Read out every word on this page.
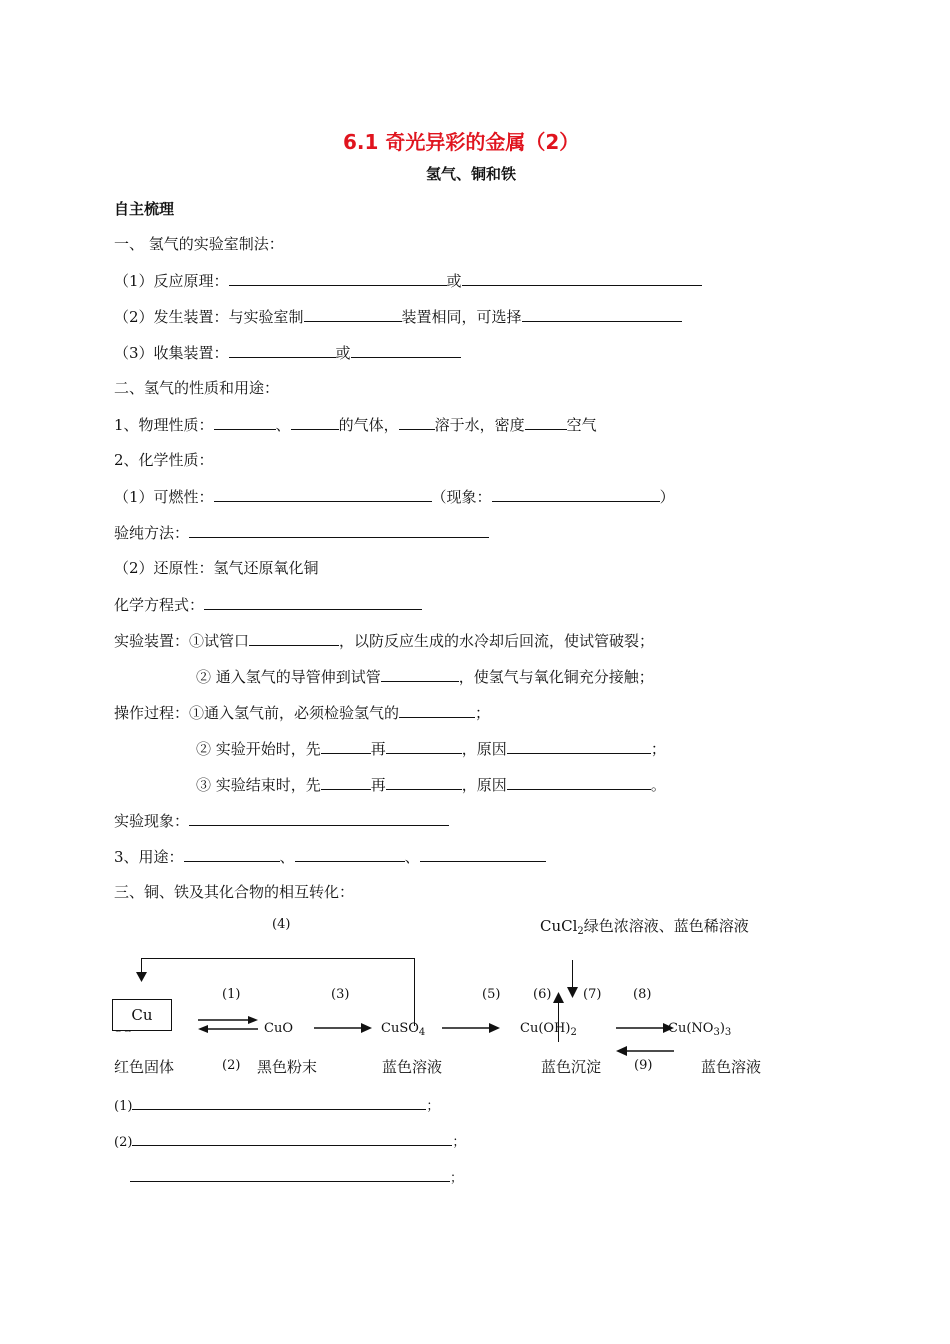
6.1 奇光异彩的金属（2）
氢气、铜和铁
自主梳理
一、 氢气的实验室制法：
（1）反应原理：	或
（2）发生装置：与实验室制	装置相同，可选择
（3）收集装置：	或
二、氢气的性质和用途：
1、物理性质：	、	的气体， 溶于水，密度	空气
2、化学性质：
（1）可燃性：	（现象：	）
验纯方法：
（2）还原性：氢气还原氧化铜
化学方程式：
实验装置：①试管口	，以防反应生成的水冷却后回流，使试管破裂；
② 通入氢气的导管伸到试管	，使氢气与氧化铜充分接触；
操作过程：①通入氢气前，必须检验氢气的	；
② 实验开始时，先	再	，原因	；
③ 实验结束时，先	再	，原因	。
实验现象：
3、用途：	、	、
三、铜、铁及其化合物的相互转化：
(4)	CuCl$_2$绿色浓溶液、蓝色稀溶液
(1)	(3)	(5)	(6) (7) (8)
Cu
CuO	CuSO$_4$	$Cu(OH)_2$	$Cu(NO_3)_3$
红色固体	(2) 黑色粉末	蓝色溶液	蓝色沉淀	(9)	蓝色溶液
(1)	；
(2)	；
；
